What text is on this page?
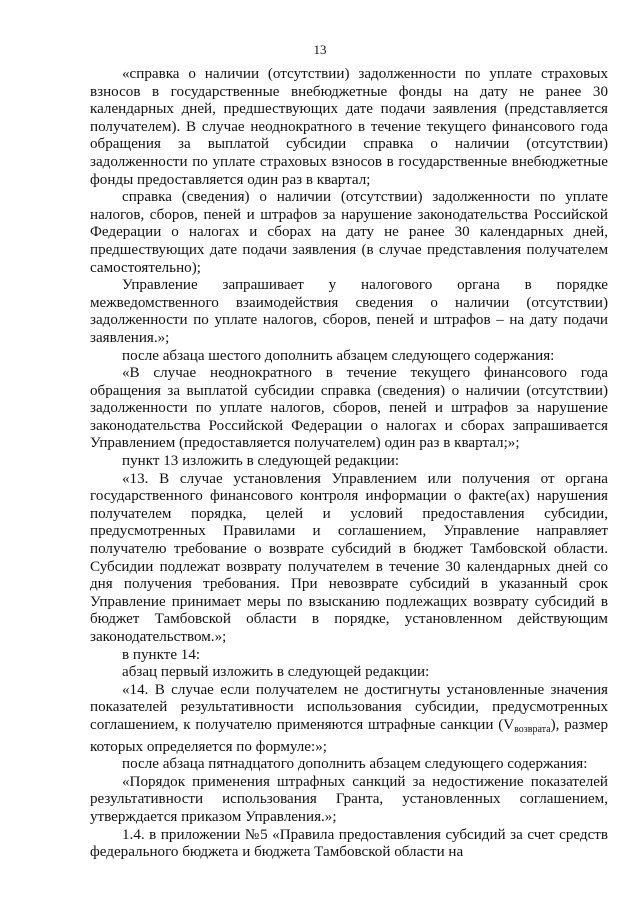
13

«справка о наличии (отсутствии) задолженности по уплате страховых взносов в государственные внебюджетные фонды на дату не ранее 30 календарных дней, предшествующих дате подачи заявления (представляется получателем). В случае неоднократного в течение текущего финансового года обращения за выплатой субсидии справка о наличии (отсутствии) задолженности по уплате страховых взносов в государственные внебюджетные фонды предоставляется один раз в квартал;

справка (сведения) о наличии (отсутствии) задолженности по уплате налогов, сборов, пеней и штрафов за нарушение законодательства Российской Федерации о налогах и сборах на дату не ранее 30 календарных дней, предшествующих дате подачи заявления (в случае представления получателем самостоятельно);

Управление запрашивает у налогового органа в порядке межведомственного взаимодействия сведения о наличии (отсутствии) задолженности по уплате налогов, сборов, пеней и штрафов – на дату подачи заявления.»;

после абзаца шестого дополнить абзацем следующего содержания:

«В случае неоднократного в течение текущего финансового года обращения за выплатой субсидии справка (сведения) о наличии (отсутствии) задолженности по уплате налогов, сборов, пеней и штрафов за нарушение законодательства Российской Федерации о налогах и сборах запрашивается Управлением (предоставляется получателем) один раз в квартал;»;

пункт 13 изложить в следующей редакции:

«13. В случае установления Управлением или получения от органа государственного финансового контроля информации о факте(ах) нарушения получателем порядка, целей и условий предоставления субсидии, предусмотренных Правилами и соглашением, Управление направляет получателю требование о возврате субсидий в бюджет Тамбовской области. Субсидии подлежат возврату получателем в течение 30 календарных дней со дня получения требования. При невозврате субсидий в указанный срок Управление принимает меры по взысканию подлежащих возврату субсидий в бюджет Тамбовской области в порядке, установленном действующим законодательством.»;

в пункте 14:

абзац первый изложить в следующей редакции:

«14. В случае если получателем не достигнуты установленные значения показателей результативности использования субсидии, предусмотренных соглашением, к получателю применяются штрафные санкции $(V_{возврата})$, размер которых определяется по формуле:»;

после абзаца пятнадцатого дополнить абзацем следующего содержания:

«Порядок применения штрафных санкций за недостижение показателей результативности использования Гранта, установленных соглашением, утверждается приказом Управления.»;

1.4. в приложении №5 «Правила предоставления субсидий за счет средств федерального бюджета и бюджета Тамбовской области на
